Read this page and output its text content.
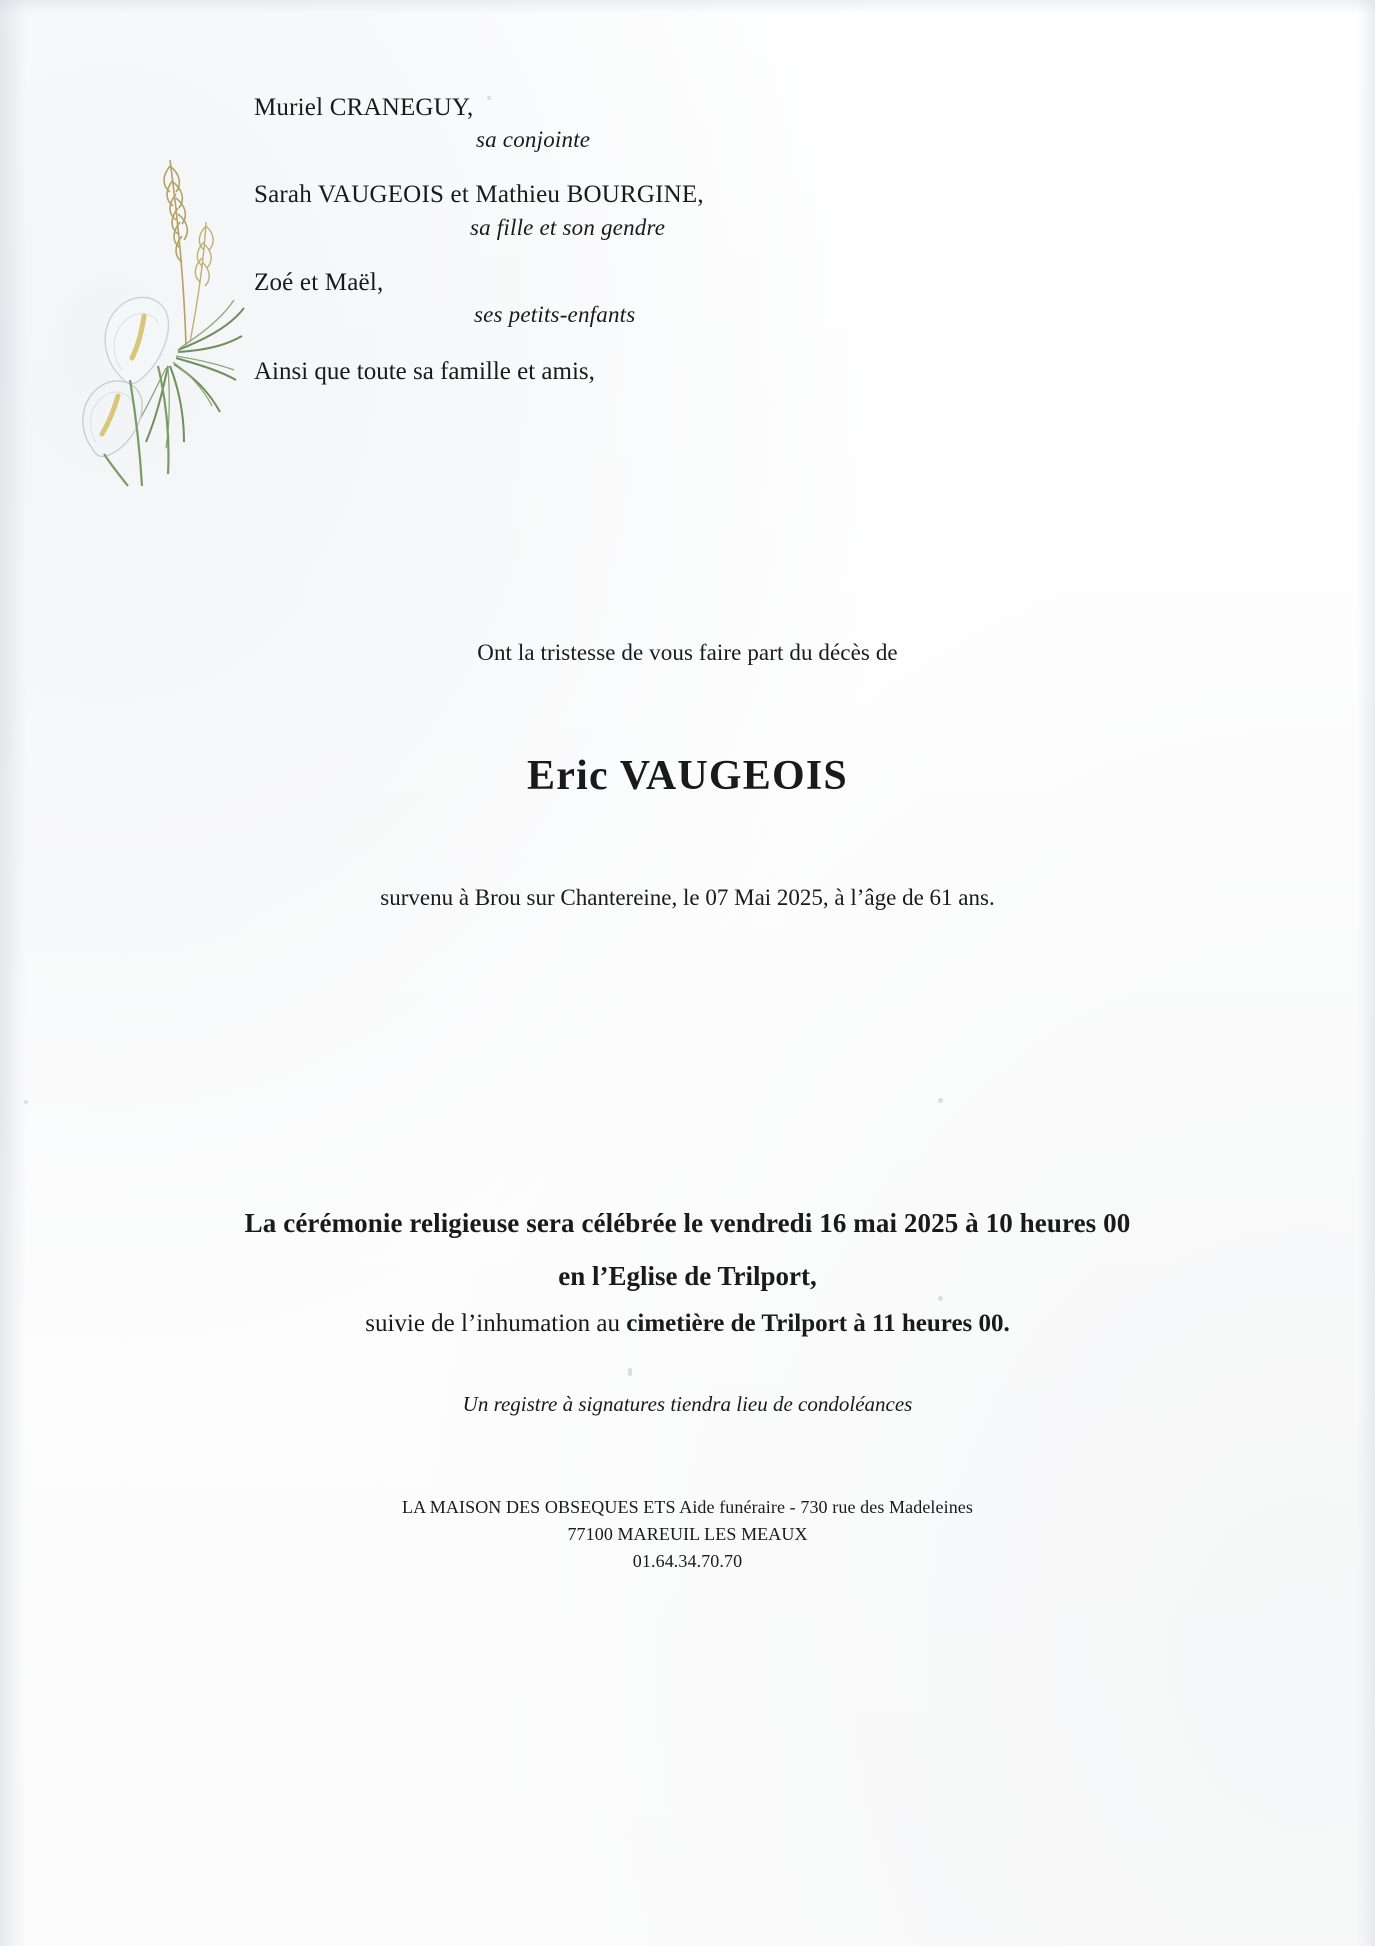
Muriel CRANEGUY,
sa conjointe
Sarah VAUGEOIS et Mathieu BOURGINE,
sa fille et son gendre
Zoé et Maël,
ses petits-enfants
Ainsi que toute sa famille et amis,
Ont la tristesse de vous faire part du décès de
Eric VAUGEOIS
survenu à Brou sur Chantereine, le 07 Mai 2025, à l’âge de 61 ans.
La cérémonie religieuse sera célébrée le vendredi 16 mai 2025 à 10 heures 00
en l’Eglise de Trilport,
suivie de l’inhumation au cimetière de Trilport à 11 heures 00.
Un registre à signatures tiendra lieu de condoléances
LA MAISON DES OBSEQUES ETS Aide funéraire - 730 rue des Madeleines
77100 MAREUIL LES MEAUX
01.64.34.70.70
